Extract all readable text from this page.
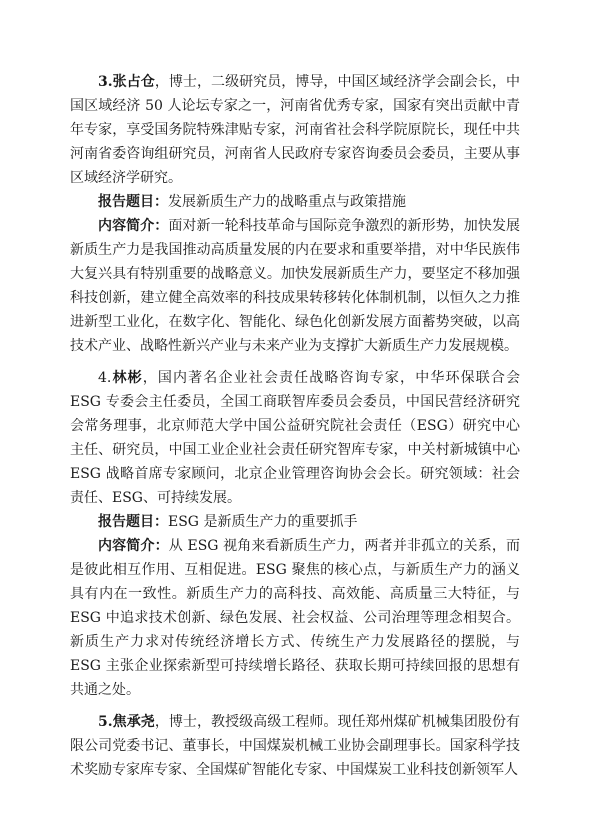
3.张占仓，博士，二级研究员，博导，中国区域经济学会副会长，中国区域经济 50 人论坛专家之一，河南省优秀专家，国家有突出贡献中青年专家，享受国务院特殊津贴专家，河南省社会科学院原院长，现任中共河南省委咨询组研究员，河南省人民政府专家咨询委员会委员，主要从事区域经济学研究。

报告题目：发展新质生产力的战略重点与政策措施

内容简介：面对新一轮科技革命与国际竞争激烈的新形势，加快发展新质生产力是我国推动高质量发展的内在要求和重要举措，对中华民族伟大复兴具有特别重要的战略意义。加快发展新质生产力，要坚定不移加强科技创新，建立健全高效率的科技成果转移转化体制机制，以恒久之力推进新型工业化，在数字化、智能化、绿色化创新发展方面蓄势突破，以高技术产业、战略性新兴产业与未来产业为支撑扩大新质生产力发展规模。

4.林彬，国内著名企业社会责任战略咨询专家，中华环保联合会 ESG 专委会主任委员，全国工商联智库委员会委员，中国民营经济研究会常务理事，北京师范大学中国公益研究院社会责任（ESG）研究中心主任、研究员，中国工业企业社会责任研究智库专家，中关村新城镇中心 ESG 战略首席专家顾问，北京企业管理咨询协会会长。研究领域：社会责任、ESG、可持续发展。

报告题目：ESG 是新质生产力的重要抓手

内容简介：从 ESG 视角来看新质生产力，两者并非孤立的关系，而是彼此相互作用、互相促进。ESG 聚焦的核心点，与新质生产力的涵义具有内在一致性。新质生产力的高科技、高效能、高质量三大特征，与 ESG 中追求技术创新、绿色发展、社会权益、公司治理等理念相契合。新质生产力求对传统经济增长方式、传统生产力发展路径的摆脱，与 ESG 主张企业探索新型可持续增长路径、获取长期可持续回报的思想有共通之处。

5.焦承尧，博士，教授级高级工程师。现任郑州煤矿机械集团股份有限公司党委书记、董事长，中国煤炭机械工业协会副理事长。国家科学技术奖励专家库专家、全国煤矿智能化专家、中国煤炭工业科技创新领军人
